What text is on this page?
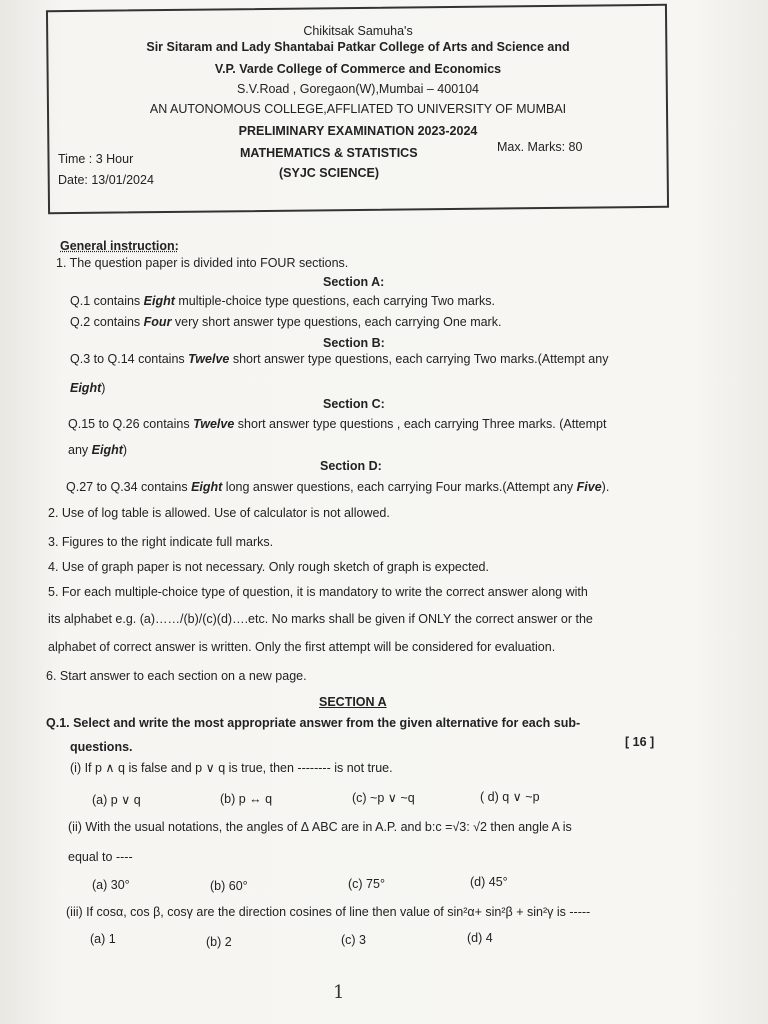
Chikitsak Samuha's
Sir Sitaram and Lady Shantabai Patkar College of Arts and Science and
V.P. Varde College of Commerce and Economics
S.V.Road , Goregaon(W),Mumbai – 400104
AN AUTONOMOUS COLLEGE,AFFLIATED TO UNIVERSITY OF MUMBAI
PRELIMINARY EXAMINATION 2023-2024
MATHEMATICS & STATISTICS
(SYJC SCIENCE)
Time : 3 Hour
Date: 13/01/2024
Max. Marks: 80
General instruction:
1. The question paper is divided into FOUR sections.
Section A:
Q.1 contains Eight multiple-choice type questions, each carrying Two marks.
Q.2 contains Four very short answer type questions, each carrying One mark.
Section B:
Q.3 to Q.14 contains Twelve short answer type questions, each carrying Two marks.(Attempt any
Eight)
Section C:
Q.15 to Q.26 contains Twelve short answer type questions , each carrying Three marks. (Attempt
any Eight)
Section D:
Q.27 to Q.34 contains Eight long answer questions, each carrying Four marks.(Attempt any Five).
2. Use of log table is allowed. Use of calculator is not allowed.
3. Figures to the right indicate full marks.
4. Use of graph paper is not necessary. Only rough sketch of graph is expected.
5. For each multiple-choice type of question, it is mandatory to write the correct answer along with
its alphabet e.g. (a)……/(b)/(c)(d)….etc. No marks shall be given if ONLY the correct answer or the
alphabet of correct answer is written. Only the first attempt will be considered for evaluation.
6. Start answer to each section on a new page.
SECTION A
Q.1. Select and write the most appropriate answer from the given alternative for each sub-
questions.	[ 16 ]
(i) If p ∧ q is false and p ∨ q is true, then -------- is not true.
(a) p ∨ q	(b) p ↔ q	(c) ~p ∨ ~q	( d) q ∨ ~p
(ii) With the usual notations, the angles of Δ ABC are in A.P. and b:c =√3: √2 then angle A is
equal to ----
(a) 30°	(b) 60°	(c) 75°	(d) 45°
(iii) If cosα, cos β, cosγ are the direction cosines of line then value of sin²α+ sin²β + sin²γ is -----
(a) 1	(b) 2	(c) 3	(d) 4
1
